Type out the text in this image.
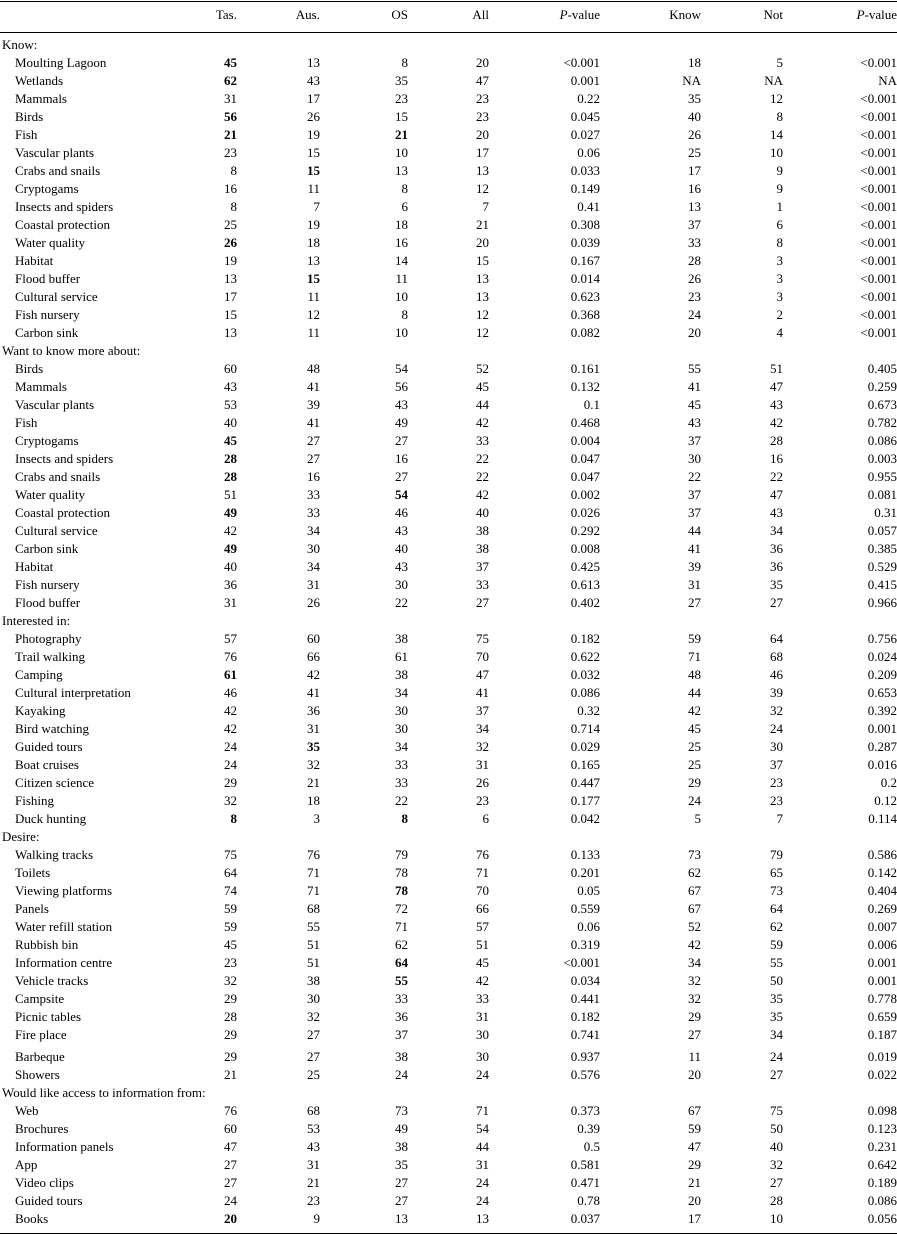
Tas.	Aus.	OS	All	P-value	Know	Not	P-value
Know:
Moulting Lagoon	45	13	8	20	<0.001	18	5	<0.001
Wetlands	62	43	35	47	0.001	NA	NA	NA
Mammals	31	17	23	23	0.22	35	12	<0.001
Birds	56	26	15	23	0.045	40	8	<0.001
Fish	21	19	21	20	0.027	26	14	<0.001
Vascular plants	23	15	10	17	0.06	25	10	<0.001
Crabs and snails	8	15	13	13	0.033	17	9	<0.001
Cryptogams	16	11	8	12	0.149	16	9	<0.001
Insects and spiders	8	7	6	7	0.41	13	1	<0.001
Coastal protection	25	19	18	21	0.308	37	6	<0.001
Water quality	26	18	16	20	0.039	33	8	<0.001
Habitat	19	13	14	15	0.167	28	3	<0.001
Flood buffer	13	15	11	13	0.014	26	3	<0.001
Cultural service	17	11	10	13	0.623	23	3	<0.001
Fish nursery	15	12	8	12	0.368	24	2	<0.001
Carbon sink	13	11	10	12	0.082	20	4	<0.001
Want to know more about:
Birds	60	48	54	52	0.161	55	51	0.405
Mammals	43	41	56	45	0.132	41	47	0.259
Vascular plants	53	39	43	44	0.1	45	43	0.673
Fish	40	41	49	42	0.468	43	42	0.782
Cryptogams	45	27	27	33	0.004	37	28	0.086
Insects and spiders	28	27	16	22	0.047	30	16	0.003
Crabs and snails	28	16	27	22	0.047	22	22	0.955
Water quality	51	33	54	42	0.002	37	47	0.081
Coastal protection	49	33	46	40	0.026	37	43	0.31
Cultural service	42	34	43	38	0.292	44	34	0.057
Carbon sink	49	30	40	38	0.008	41	36	0.385
Habitat	40	34	43	37	0.425	39	36	0.529
Fish nursery	36	31	30	33	0.613	31	35	0.415
Flood buffer	31	26	22	27	0.402	27	27	0.966
Interested in:
Photography	57	60	38	75	0.182	59	64	0.756
Trail walking	76	66	61	70	0.622	71	68	0.024
Camping	61	42	38	47	0.032	48	46	0.209
Cultural interpretation	46	41	34	41	0.086	44	39	0.653
Kayaking	42	36	30	37	0.32	42	32	0.392
Bird watching	42	31	30	34	0.714	45	24	0.001
Guided tours	24	35	34	32	0.029	25	30	0.287
Boat cruises	24	32	33	31	0.165	25	37	0.016
Citizen science	29	21	33	26	0.447	29	23	0.2
Fishing	32	18	22	23	0.177	24	23	0.12
Duck hunting	8	3	8	6	0.042	5	7	0.114
Desire:
Walking tracks	75	76	79	76	0.133	73	79	0.586
Toilets	64	71	78	71	0.201	62	65	0.142
Viewing platforms	74	71	78	70	0.05	67	73	0.404
Panels	59	68	72	66	0.559	67	64	0.269
Water refill station	59	55	71	57	0.06	52	62	0.007
Rubbish bin	45	51	62	51	0.319	42	59	0.006
Information centre	23	51	64	45	<0.001	34	55	0.001
Vehicle tracks	32	38	55	42	0.034	32	50	0.001
Campsite	29	30	33	33	0.441	32	35	0.778
Picnic tables	28	32	36	31	0.182	29	35	0.659
Fire place	29	27	37	30	0.741	27	34	0.187
Barbeque	29	27	38	30	0.937	11	24	0.019
Showers	21	25	24	24	0.576	20	27	0.022
Would like access to information from:
Web	76	68	73	71	0.373	67	75	0.098
Brochures	60	53	49	54	0.39	59	50	0.123
Information panels	47	43	38	44	0.5	47	40	0.231
App	27	31	35	31	0.581	29	32	0.642
Video clips	27	21	27	24	0.471	21	27	0.189
Guided tours	24	23	27	24	0.78	20	28	0.086
Books	20	9	13	13	0.037	17	10	0.056
